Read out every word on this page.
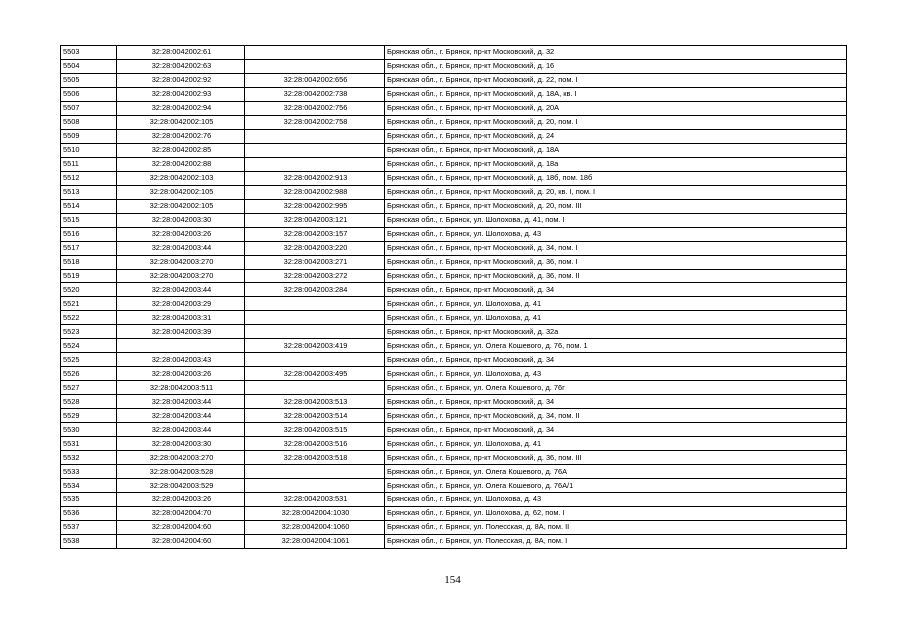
5503	32:28:0042002:61		Брянская обл., г. Брянск, пр-кт Московский, д. 32
5504	32:28:0042002:63		Брянская обл., г. Брянск, пр-кт Московский, д. 16
5505	32:28:0042002:92	32:28:0042002:656	Брянская обл., г. Брянск, пр-кт Московский, д. 22, пом. I
5506	32:28:0042002:93	32:28:0042002:738	Брянская обл., г. Брянск, пр-кт Московский, д. 18А, кв. I
5507	32:28:0042002:94	32:28:0042002:756	Брянская обл., г. Брянск, пр-кт Московский, д. 20А
5508	32:28:0042002:105	32:28:0042002:758	Брянская обл., г. Брянск, пр-кт Московский, д. 20, пом. I
5509	32:28:0042002:76		Брянская обл., г. Брянск, пр-кт Московский, д. 24
5510	32:28:0042002:85		Брянская обл., г. Брянск, пр-кт Московский, д. 18А
5511	32:28:0042002:88		Брянская обл., г. Брянск, пр-кт Московский, д. 18а
5512	32:28:0042002:103	32:28:0042002:913	Брянская обл., г. Брянск, пр-кт Московский, д. 18б, пом. 18б
5513	32:28:0042002:105	32:28:0042002:988	Брянская обл., г. Брянск, пр-кт Московский, д. 20, кв. I, пом. I
5514	32:28:0042002:105	32:28:0042002:995	Брянская обл., г. Брянск, пр-кт Московский, д. 20, пом. III
5515	32:28:0042003:30	32:28:0042003:121	Брянская обл., г. Брянск, ул. Шолохова, д. 41, пом. I
5516	32:28:0042003:26	32:28:0042003:157	Брянская обл., г. Брянск, ул. Шолохова, д. 43
5517	32:28:0042003:44	32:28:0042003:220	Брянская обл., г. Брянск, пр-кт Московский, д. 34, пом. I
5518	32:28:0042003:270	32:28:0042003:271	Брянская обл., г. Брянск, пр-кт Московский, д. 36, пом. I
5519	32:28:0042003:270	32:28:0042003:272	Брянская обл., г. Брянск, пр-кт Московский, д. 36, пом. II
5520	32:28:0042003:44	32:28:0042003:284	Брянская обл., г. Брянск, пр-кт Московский, д. 34
5521	32:28:0042003:29		Брянская обл., г. Брянск, ул. Шолохова, д. 41
5522	32:28:0042003:31		Брянская обл., г. Брянск, ул. Шолохова, д. 41
5523	32:28:0042003:39		Брянская обл., г. Брянск, пр-кт Московский, д. 32а
5524		32:28:0042003:419	Брянская обл., г. Брянск, ул. Олега Кошевого, д. 76, пом. 1
5525	32:28:0042003:43		Брянская обл., г. Брянск, пр-кт Московский, д. 34
5526	32:28:0042003:26	32:28:0042003:495	Брянская обл., г. Брянск, ул. Шолохова, д. 43
5527	32:28:0042003:511		Брянская обл., г. Брянск, ул. Олега Кошевого, д. 76г
5528	32:28:0042003:44	32:28:0042003:513	Брянская обл., г. Брянск, пр-кт Московский, д. 34
5529	32:28:0042003:44	32:28:0042003:514	Брянская обл., г. Брянск, пр-кт Московский, д. 34, пом. II
5530	32:28:0042003:44	32:28:0042003:515	Брянская обл., г. Брянск, пр-кт Московский, д. 34
5531	32:28:0042003:30	32:28:0042003:516	Брянская обл., г. Брянск, ул. Шолохова, д. 41
5532	32:28:0042003:270	32:28:0042003:518	Брянская обл., г. Брянск, пр-кт Московский, д. 36, пом. III
5533	32:28:0042003:528		Брянская обл., г. Брянск, ул. Олега Кошевого, д. 76А
5534	32:28:0042003:529		Брянская обл., г. Брянск, ул. Олега Кошевого, д. 76А/1
5535	32:28:0042003:26	32:28:0042003:531	Брянская обл., г. Брянск, ул. Шолохова, д. 43
5536	32:28:0042004:70	32:28:0042004:1030	Брянская обл., г. Брянск, ул. Шолохова, д. 62, пом. I
5537	32:28:0042004:60	32:28:0042004:1060	Брянская обл., г. Брянск, ул. Полесская, д. 8А, пом. II
5538	32:28:0042004:60	32:28:0042004:1061	Брянская обл., г. Брянск, ул. Полесская, д. 8А, пом. I
154
